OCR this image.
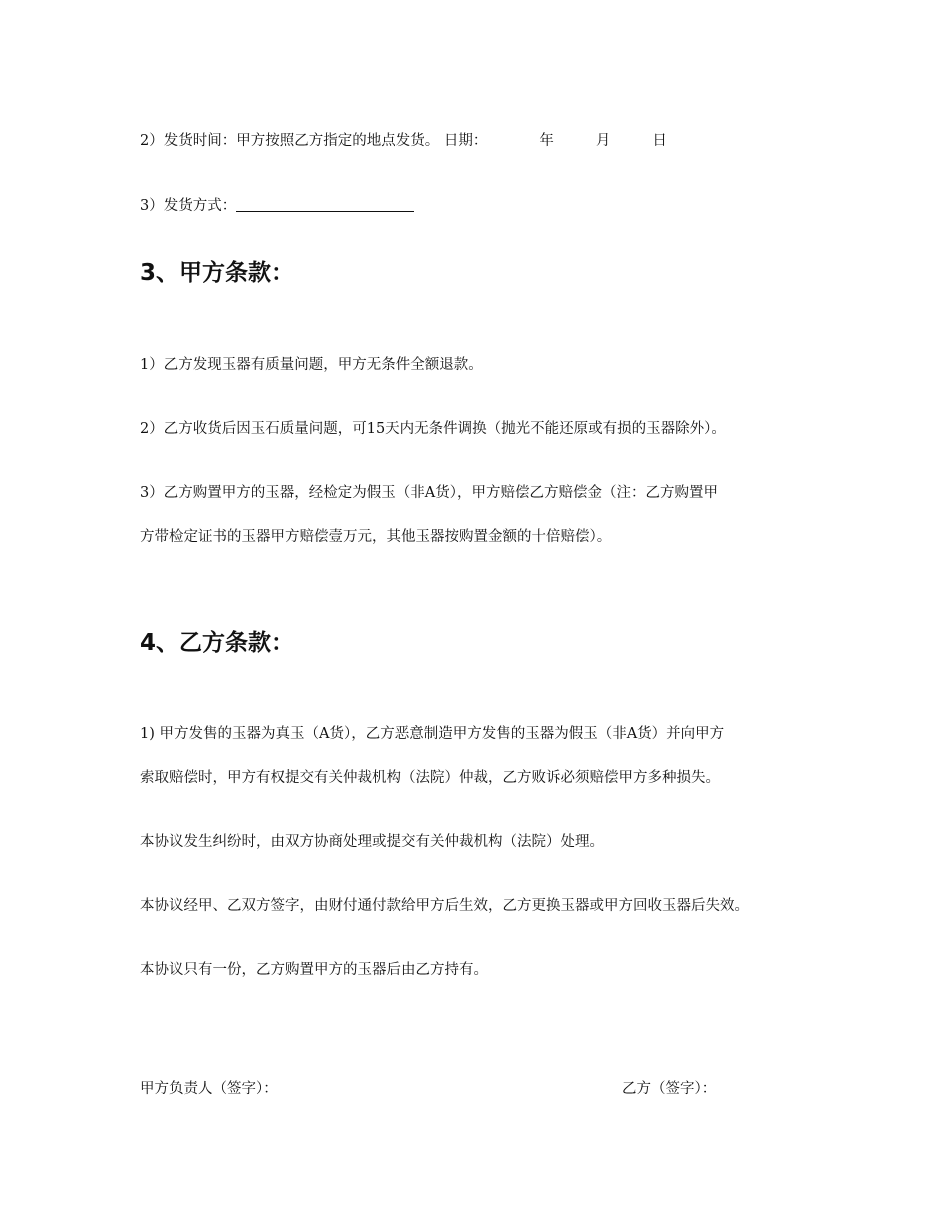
2）发货时间：甲方按照乙方指定的地点发货。 日期：	年	月	日
3）发货方式：
3、甲方条款：
1）乙方发现玉器有质量问题，甲方无条件全额退款。
2）乙方收货后因玉石质量问题，可15天内无条件调换（抛光不能还原或有损的玉器除外）。
3）乙方购置甲方的玉器，经检定为假玉（非A货），甲方赔偿乙方赔偿金（注：乙方购置甲
方带检定证书的玉器甲方赔偿壹万元，其他玉器按购置金额的十倍赔偿）。
4、乙方条款：
1) 甲方发售的玉器为真玉（A货），乙方恶意制造甲方发售的玉器为假玉（非A货）并向甲方
索取赔偿时，甲方有权提交有关仲裁机构（法院）仲裁，乙方败诉必须赔偿甲方多种损失。
本协议发生纠纷时，由双方协商处理或提交有关仲裁机构（法院）处理。
本协议经甲、乙双方签字，由财付通付款给甲方后生效，乙方更换玉器或甲方回收玉器后失效。
本协议只有一份，乙方购置甲方的玉器后由乙方持有。
甲方负责人（签字）：	乙方（签字）：
